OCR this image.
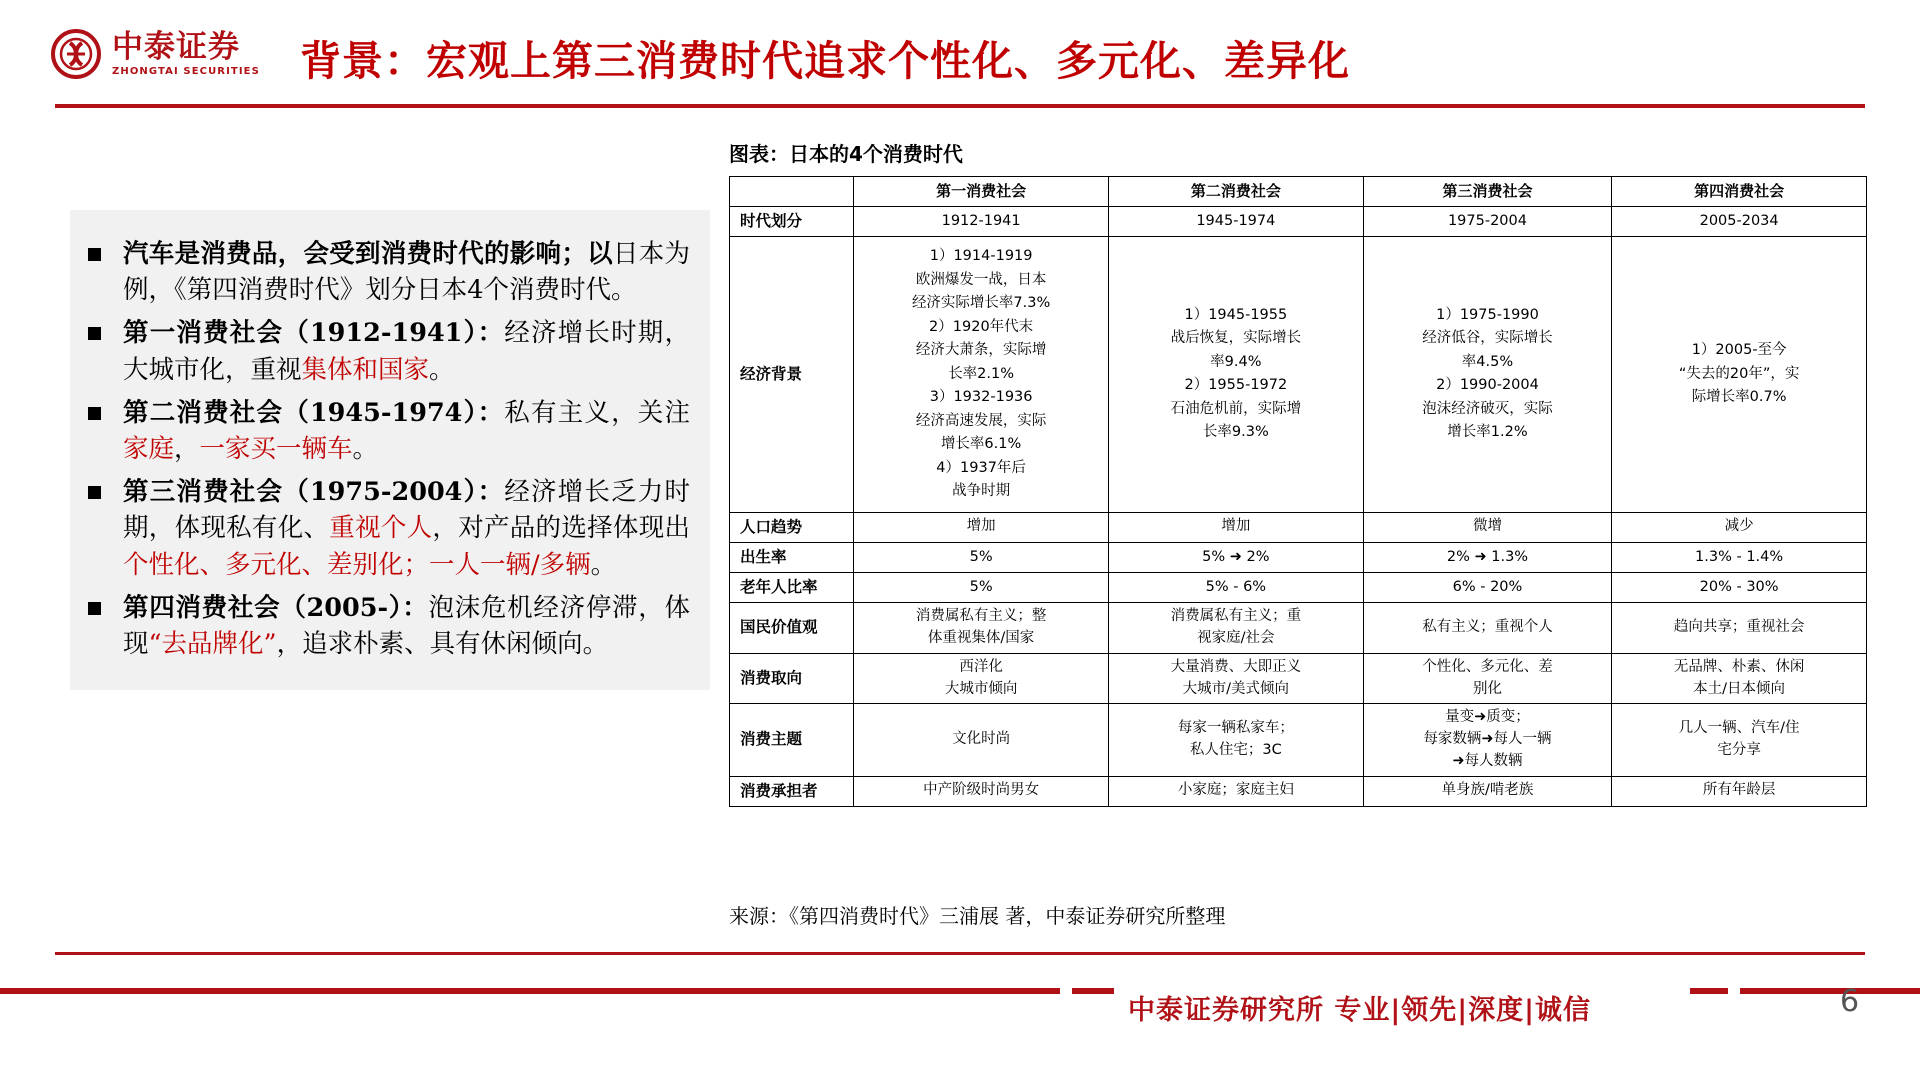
中泰证券
ZHONGTAI SECURITIES 背景：宏观上第三消费时代追求个性化、多元化、差异化
汽车是消费品，会受到消费时代的影响；以日本为例，《第四消费时代》划分日本4个消费时代。
第一消费社会（1912-1941）：经济增长时期，大城市化，重视集体和国家。
第二消费社会（1945-1974）：私有主义，关注家庭，一家买一辆车。
第三消费社会（1975-2004）：经济增长乏力时期，体现私有化、重视个人，对产品的选择体现出个性化、多元化、差别化；一人一辆/多辆。
第四消费社会（2005-）：泡沫危机经济停滞，体现“去品牌化”，追求朴素、具有休闲倾向。
图表：日本的4个消费时代
	第一消费社会	第二消费社会	第三消费社会	第四消费社会
时代划分	1912-1941	1945-1974	1975-2004	2005-2034
经济背景	1）1914-1919
欧洲爆发一战，日本
经济实际增长率7.3%
2）1920年代末
经济大萧条，实际增
长率2.1%
3）1932-1936
经济高速发展，实际
增长率6.1%
4）1937年后
战争时期	1）1945-1955
战后恢复，实际增长
率9.4%
2）1955-1972
石油危机前，实际增
长率9.3%	1）1975-1990
经济低谷，实际增长
率4.5%
2）1990-2004
泡沫经济破灭，实际
增长率1.2%	1）2005-至今
“失去的20年”，实
际增长率0.7%
人口趋势	增加	增加	微增	减少
出生率	5%	5% ➜ 2%	2% ➜ 1.3%	1.3% - 1.4%
老年人比率	5%	5% - 6%	6% - 20%	20% - 30%
国民价值观	消费属私有主义；整
体重视集体/国家	消费属私有主义；重
视家庭/社会	私有主义；重视个人	趋向共享；重视社会
消费取向	西洋化
大城市倾向	大量消费、大即正义
大城市/美式倾向	个性化、多元化、差
别化	无品牌、朴素、休闲
本土/日本倾向
消费主题	文化时尚	每家一辆私家车；
私人住宅；3C	量变➜质变；
每家数辆➜每人一辆
➜每人数辆	几人一辆、汽车/住
宅分享
消费承担者	中产阶级时尚男女	小家庭；家庭主妇	单身族/啃老族	所有年龄层
来源：《第四消费时代》三浦展 著，中泰证券研究所整理
中泰证券研究所 专业|领先|深度|诚信	6
